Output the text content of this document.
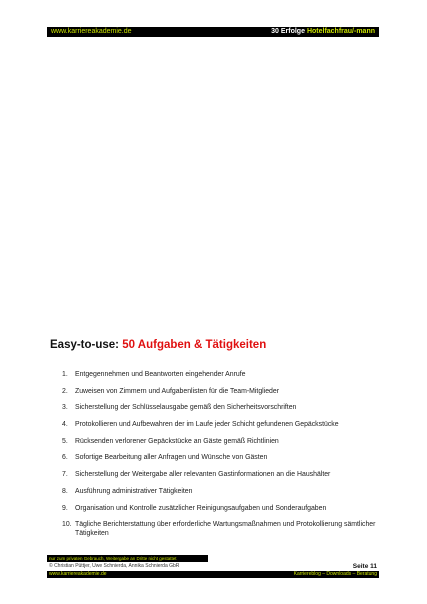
www.karriereakademie.de	30 Erfolge Hotelfachfrau/-mann
Easy-to-use: 50 Aufgaben & Tätigkeiten
1.	Entgegennehmen und Beantworten eingehender Anrufe
2.	Zuweisen von Zimmern und Aufgabenlisten für die Team-Mitglieder
3.	Sicherstellung der Schlüsselausgabe gemäß den Sicherheitsvorschriften
4.	Protokollieren und Aufbewahren der im Laufe jeder Schicht gefundenen Gepäckstücke
5.	Rücksenden verlorener Gepäckstücke an Gäste gemäß Richtlinien
6.	Sofortige Bearbeitung aller Anfragen und Wünsche von Gästen
7.	Sicherstellung der Weitergabe aller relevanten Gastinformationen an die Haushälter
8.	Ausführung administrativer Tätigkeiten
9.	Organisation und Kontrolle zusätzlicher Reinigungsaufgaben und Sonderaufgaben
10. Tägliche Berichterstattung über erforderliche Wartungsmaßnahmen und Protokollierung sämtlicher Tätigkeiten
nur zum privaten Gebrauch, Weitergabe an Dritte nicht gestattet
© Christian Püttjer, Uwe Schnierda, Annika Schnierda GbR	Seite 11
www.karriereakademie.de	Karriereblog – Downloads – Beratung
